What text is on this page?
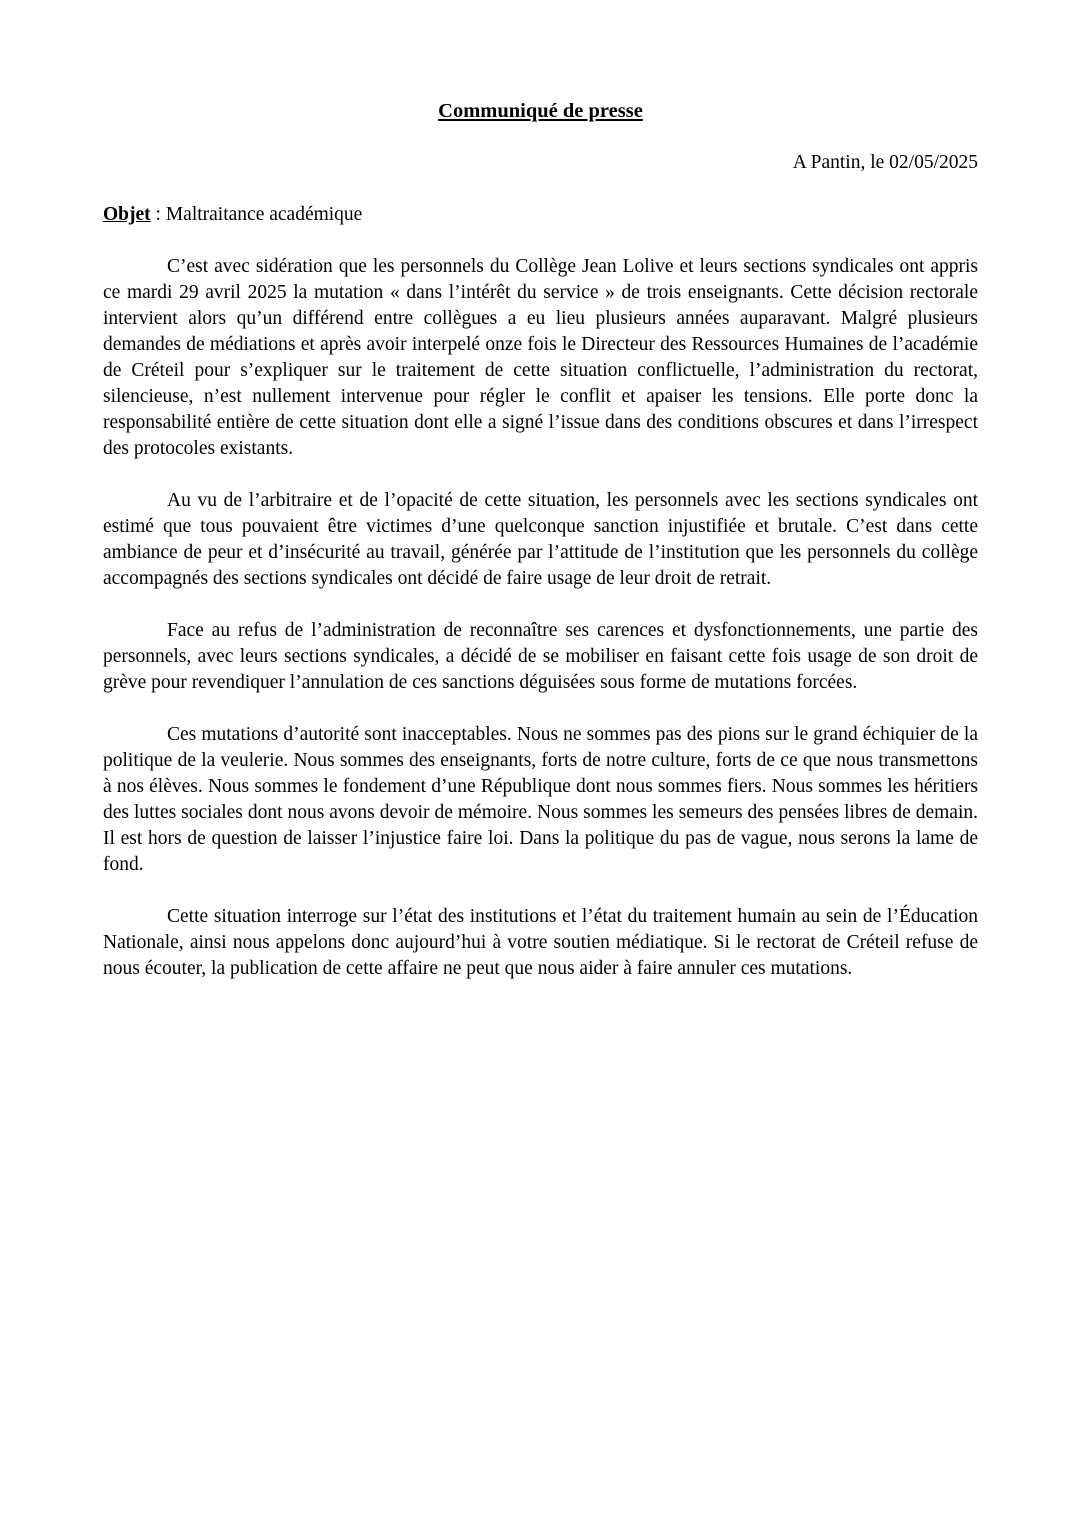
Communiqué de presse
A Pantin, le 02/05/2025
Objet : Maltraitance académique

C’est avec sidération que les personnels du Collège Jean Lolive et leurs sections syndicales ont appris ce mardi 29 avril 2025 la mutation « dans l’intérêt du service » de trois enseignants. Cette décision rectorale intervient alors qu’un différend entre collègues a eu lieu plusieurs années auparavant. Malgré plusieurs demandes de médiations et après avoir interpelé onze fois le Directeur des Ressources Humaines de l’académie de Créteil pour s’expliquer sur le traitement de cette situation conflictuelle, l’administration du rectorat, silencieuse, n’est nullement intervenue pour régler le conflit et apaiser les tensions. Elle porte donc la responsabilité entière de cette situation dont elle a signé l’issue dans des conditions obscures et dans l’irrespect des protocoles existants.

Au vu de l’arbitraire et de l’opacité de cette situation, les personnels avec les sections syndicales ont estimé que tous pouvaient être victimes d’une quelconque sanction injustifiée et brutale. C’est dans cette ambiance de peur et d’insécurité au travail, générée par l’attitude de l’institution que les personnels du collège accompagnés des sections syndicales ont décidé de faire usage de leur droit de retrait.

Face au refus de l’administration de reconnaître ses carences et dysfonctionnements, une partie des personnels, avec leurs sections syndicales, a décidé de se mobiliser en faisant cette fois usage de son droit de grève pour revendiquer l’annulation de ces sanctions déguisées sous forme de mutations forcées.

Ces mutations d’autorité sont inacceptables. Nous ne sommes pas des pions sur le grand échiquier de la politique de la veulerie. Nous sommes des enseignants, forts de notre culture, forts de ce que nous transmettons à nos élèves. Nous sommes le fondement d’une République dont nous sommes fiers. Nous sommes les héritiers des luttes sociales dont nous avons devoir de mémoire. Nous sommes les semeurs des pensées libres de demain. Il est hors de question de laisser l’injustice faire loi. Dans la politique du pas de vague, nous serons la lame de fond.

Cette situation interroge sur l’état des institutions et l’état du traitement humain au sein de l’Éducation Nationale, ainsi nous appelons donc aujourd’hui à votre soutien médiatique. Si le rectorat de Créteil refuse de nous écouter, la publication de cette affaire ne peut que nous aider à faire annuler ces mutations.
